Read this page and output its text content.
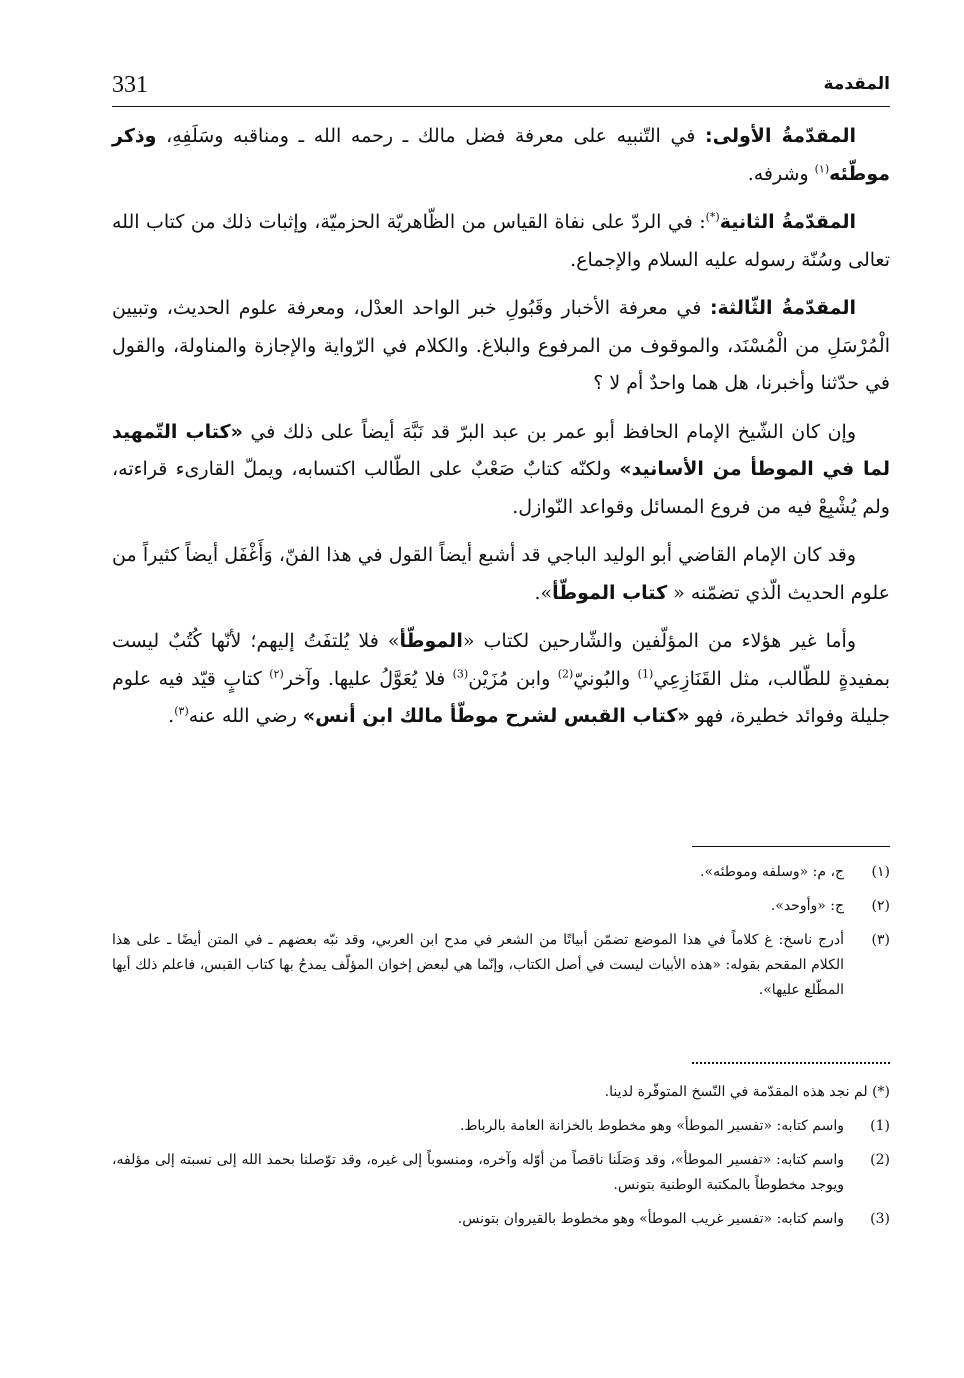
331	المقدمة

المقدّمةُ الأولى: في التّنبيه على معرفة فضل مالك ـ رحمه الله ـ ومناقبه وسَلَفِهِ، وذكر موطّئه$^{(١)}$ وشرفه.

المقدّمةُ الثانية(*): في الردّ على نفاة القياس من الظّاهريّة الحزميّة، وإثبات ذلك من كتاب الله تعالى وسُنّة رسوله عليه السلام والإجماع.

المقدّمةُ الثّالثة: في معرفة الأخبار وقَبُولِ خبر الواحد العدْل، ومعرفة علوم الحديث، وتبيين الْمُرْسَلِ من الْمُسْنَد، والموقوف من المرفوع والبلاغ. والكلام في الرّواية والإجازة والمناولة، والقول في حدّثنا وأخبرنا، هل هما واحدٌ أم لا ؟

وإن كان الشّيخ الإمام الحافظ أبو عمر بن عبد البرّ قد نَبَّهَ أيضاً على ذلك في «كتاب التّمهيد لما في الموطأ من الأسانيد» ولكنّه كتابٌ صَعْبٌ على الطّالب اكتسابه، ويملّ القارىء قراءته، ولم يُشْبِعْ فيه من فروع المسائل وقواعد النّوازل.

وقد كان الإمام القاضي أبو الوليد الباجي قد أشبع أيضاً القول في هذا الفنّ، وَأَغْفَل أيضاً كثيراً من علوم الحديث الّذي تضمّنه « كتاب الموطّأ».

وأما غير هؤلاء من المؤلّفين والشّارحين لكتاب «الموطّأ» فلا يُلتفَتُ إليهم؛ لأنّها كُتُبٌ ليست بمفيدةٍ للطّالب، مثل القَنَازِعِي$^{(1)}$ والبُونيّ$^{(2)}$ وابن مُزَيْن$^{(3)}$ فلا يُعَوَّلُ عليها. وآخر$^{(٢)}$ كتابٍ قيّد فيه علوم جليلة وفوائد خطيرة، فهو «كتاب القبس لشرح موطّأ مالك ابن أنس» رضي الله عنه$^{(٣)}$.

(١)
ج، م: «وسلفه وموطئه».
(٢)
ج: «وأوحد».
(٣)
أدرج ناسخ: غ كلاماً في هذا الموضع تضمّن أبياتًا من الشعر في مدح ابن العربي، وقد نبّه بعضهم ـ في المتن أيضًا ـ على هذا الكلام المقحم بقوله: «هذه الأبيات ليست في أصل الكتاب، وإنّما هي لبعض إخوان المؤلّف يمدحُ بها كتاب القبس، فاعلم ذلك أيها المطّلع عليها».
(*) لم نجد هذه المقدّمة في النّسخ المتوفّرة لدينا.
(1)
واسم كتابه: «تفسير الموطأ» وهو مخطوط بالخزانة العامة بالرباط.
(2)
واسم كتابه: «تفسير الموطأ»، وقد وَصَلَنا ناقصاً من أوّله وآخره، ومنسوباً إلى غيره، وقد توّصلنا بحمد الله إلى نسبته إلى مؤلفه، ويوجد مخطوطاً بالمكتبة الوطنية بتونس.
(3)
واسم كتابه: «تفسير غريب الموطأ» وهو مخطوط بالقيروان بتونس.
